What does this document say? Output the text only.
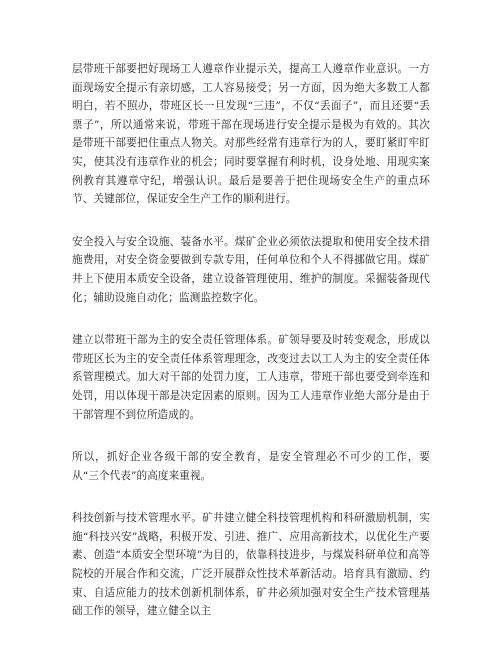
层带班干部要把好现场工人遵章作业提示关，提高工人遵章作业意识。一方面现场安全提示有亲切感，工人容易接受；另一方面，因为绝大多数工人都明白，若不照办，带班区长一旦发现“三违”，不仅“丢面子”，而且还要“丢票子”，所以通常来说，带班干部在现场进行安全提示是极为有效的。其次是带班干部要把住重点人物关。对那些经常有违章行为的人，要盯紧盯牢盯实，使其没有违章作业的机会；同时要掌握有利时机，设身处地、用现实案例教育其遵章守纪，增强认识。最后是要善于把住现场安全生产的重点环节、关键部位，保证安全生产工作的顺利进行。

安全投入与安全设施、装备水平。煤矿企业必须依法提取和使用安全技术措施费用，对安全资金要做到专款专用，任何单位和个人不得挪做它用。煤矿井上下使用本质安全设备，建立设备管理使用、维护的制度。采掘装备现代化；辅助设施自动化；监测监控数字化。

建立以带班干部为主的安全责任管理体系。矿领导要及时转变观念，形成以带班区长为主的安全责任体系管理理念，改变过去以工人为主的安全责任体系管理模式。加大对干部的处罚力度，工人违章，带班干部也要受到牵连和处罚，用以体现干部是决定因素的原则。因为工人违章作业绝大部分是由于干部管理不到位所造成的。

所以，抓好企业各级干部的安全教育，是安全管理必不可少的工作，要从“三个代表”的高度来重视。

科技创新与技术管理水平。矿井建立健全科技管理机构和科研激励机制，实施“科技兴安”战略，积极开发、引进、推广、应用高新技术，以优化生产要素、创造“本质安全型环境”为目的，依靠科技进步，与煤炭科研单位和高等院校的开展合作和交流，广泛开展群众性技术革新活动。培育具有激励、约束、自适应能力的技术创新机制体系，矿井必须加强对安全生产技术管理基础工作的领导，建立健全以主
